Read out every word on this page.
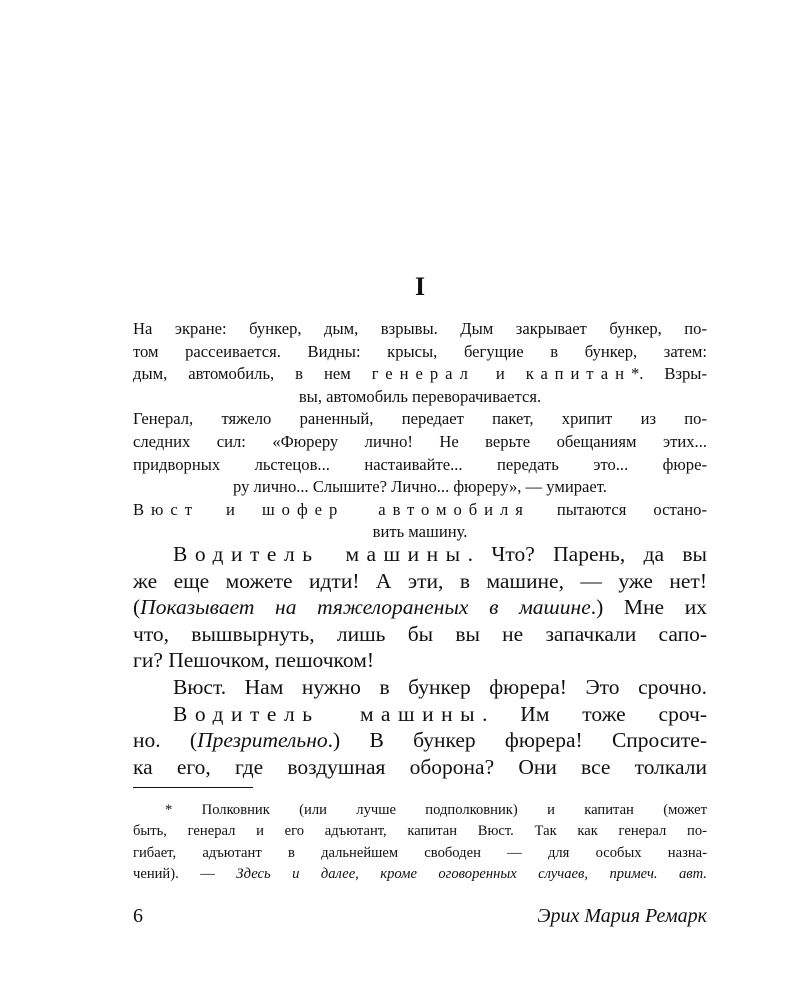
I
На экране: бункер, дым, взрывы. Дым закрывает бункер, по-
том рассеивается. Видны: крысы, бегущие в бункер, затем:
дым, автомобиль, в нем генерал и капитан*. Взры-
вы, автомобиль переворачивается.
Генерал, тяжело раненный, передает пакет, хрипит из по-
следних сил: «Фюреру лично! Не верьте обещаниям этих...
придворных льстецов... настаивайте... передать это... фюре-
ру лично... Слышите? Лично... фюреру», — умирает.
Вюст и шофер автомобиля пытаются останo-
вить машину.
Водитель машины. Что? Парень, да вы
же еще можете идти! А эти, в машине, — уже нет!
(Показывает на тяжелораненых в машине.) Мне их
что, вышвырнуть, лишь бы вы не запачкали сапо-
ги? Пешочком, пешочком!
Вюст. Нам нужно в бункер фюрера! Это срочно.
Водитель машины. Им тоже сроч-
но. (Презрительно.) В бункер фюрера! Спросите-
ка его, где воздушная оборона? Они все толкали
* Полковник (или лучше подполковник) и капитан (может
быть, генерал и его адъютант, капитан Вюст. Так как генерал по-
гибает, адъютант в дальнейшем свободен — для особых назна-
чений). — Здесь и далее, кроме оговоренных случаев, примеч. авт.
6	Эрих Мария Ремарк
